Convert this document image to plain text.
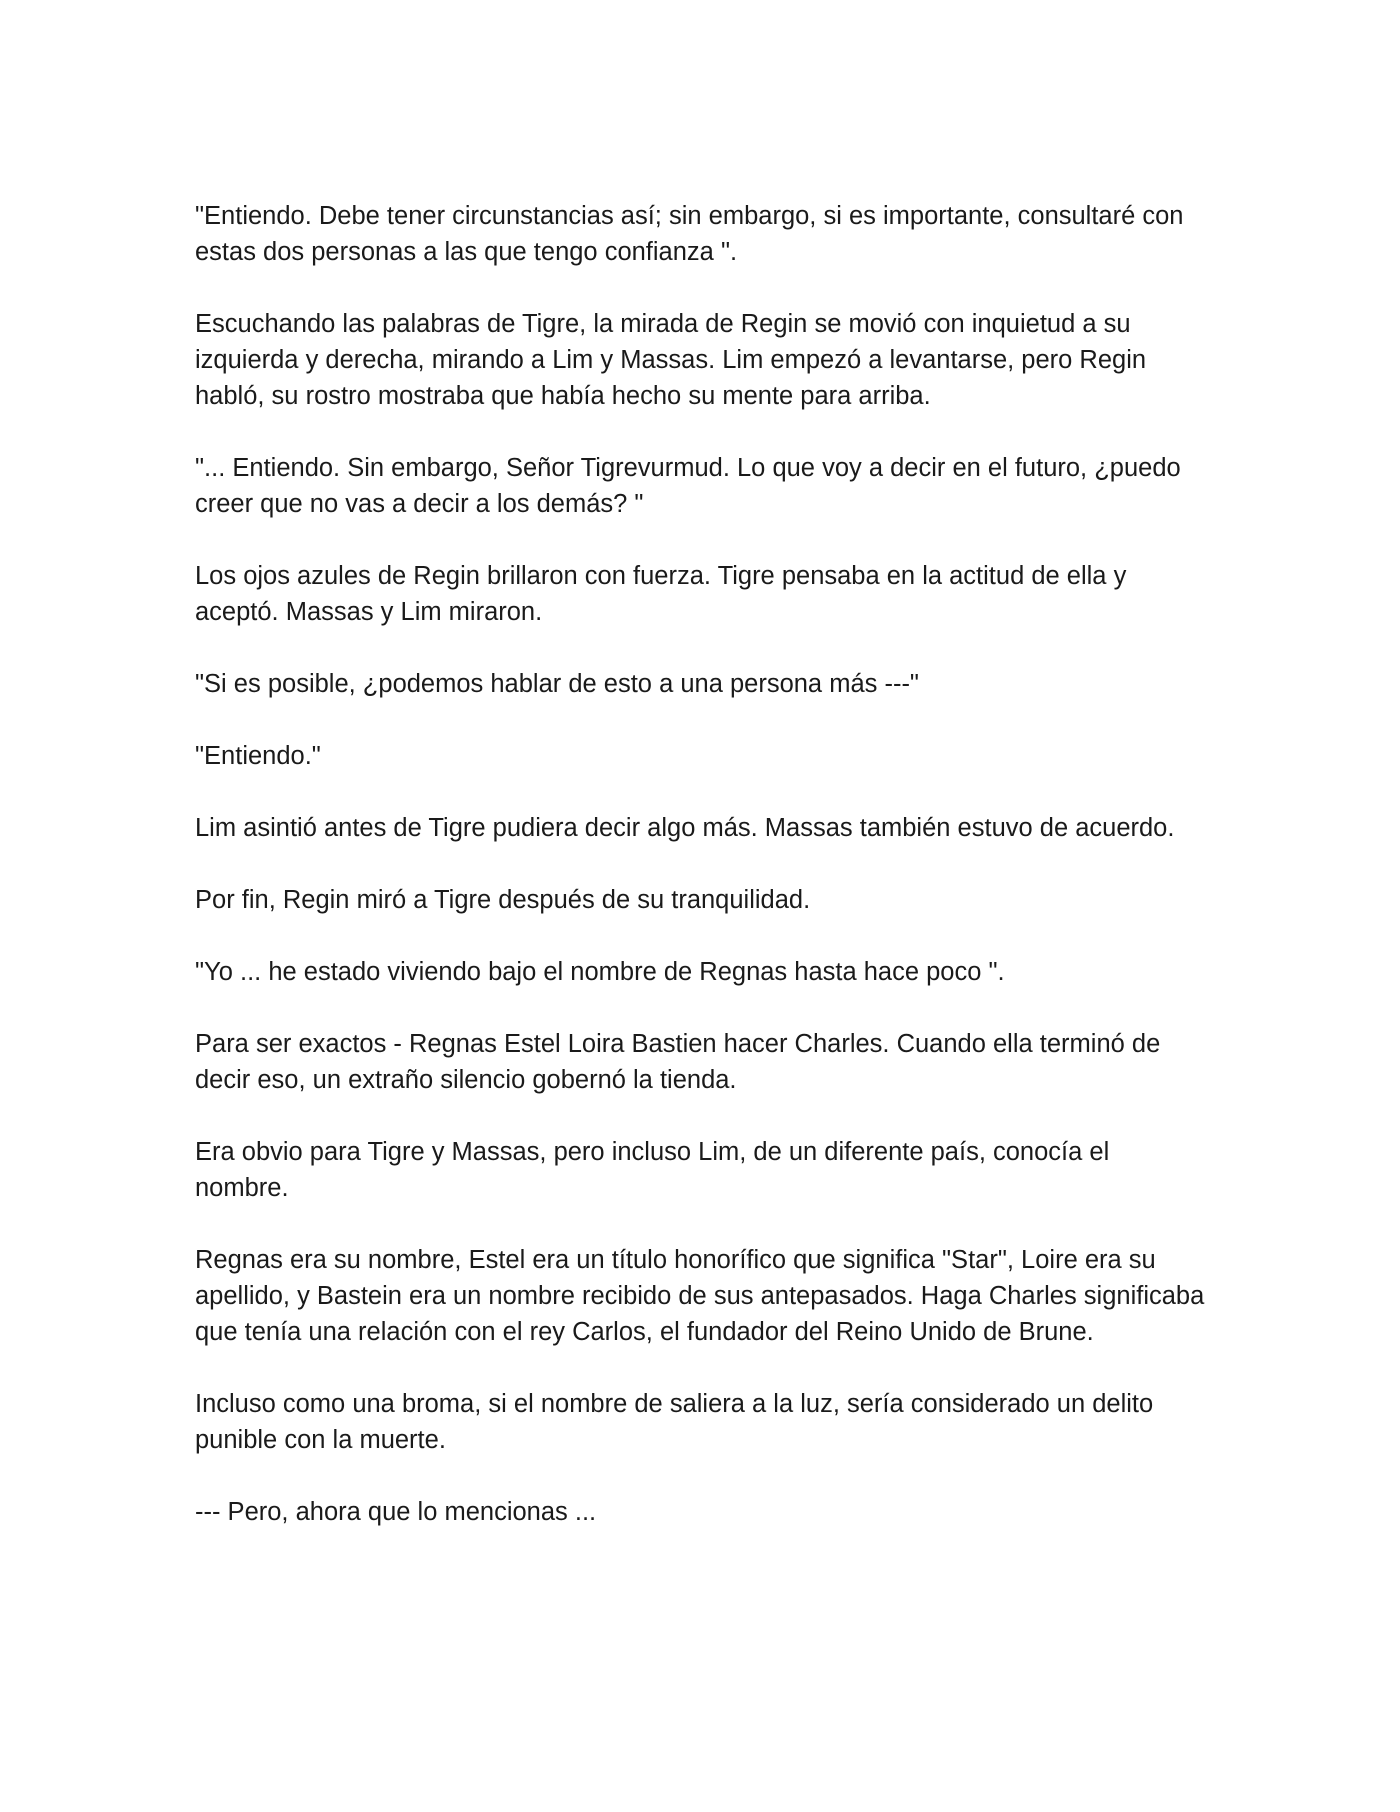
"Entiendo. Debe tener circunstancias así; sin embargo, si es importante, consultaré con estas dos personas a las que tengo confianza ".

Escuchando las palabras de Tigre, la mirada de Regin se movió con inquietud a su izquierda y derecha, mirando a Lim y Massas. Lim empezó a levantarse, pero Regin habló, su rostro mostraba que había hecho su mente para arriba.

"... Entiendo. Sin embargo, Señor Tigrevurmud. Lo que voy a decir en el futuro, ¿puedo creer que no vas a decir a los demás? "

Los ojos azules de Regin brillaron con fuerza. Tigre pensaba en la actitud de ella y aceptó. Massas y Lim miraron.

"Si es posible, ¿podemos hablar de esto a una persona más ---"

"Entiendo."

Lim asintió antes de Tigre pudiera decir algo más. Massas también estuvo de acuerdo.

Por fin, Regin miró a Tigre después de su tranquilidad.

"Yo ... he estado viviendo bajo el nombre de Regnas hasta hace poco ".

Para ser exactos - Regnas Estel Loira Bastien hacer Charles. Cuando ella terminó de decir eso, un extraño silencio gobernó la tienda.

Era obvio para Tigre y Massas, pero incluso Lim, de un diferente país, conocía el nombre.

Regnas era su nombre, Estel era un título honorífico que significa "Star", Loire era su apellido, y Bastein era un nombre recibido de sus antepasados. Haga Charles significaba que tenía una relación con el rey Carlos, el fundador del Reino Unido de Brune.

Incluso como una broma, si el nombre de saliera a la luz, sería considerado un delito punible con la muerte.

--- Pero, ahora que lo mencionas ...
